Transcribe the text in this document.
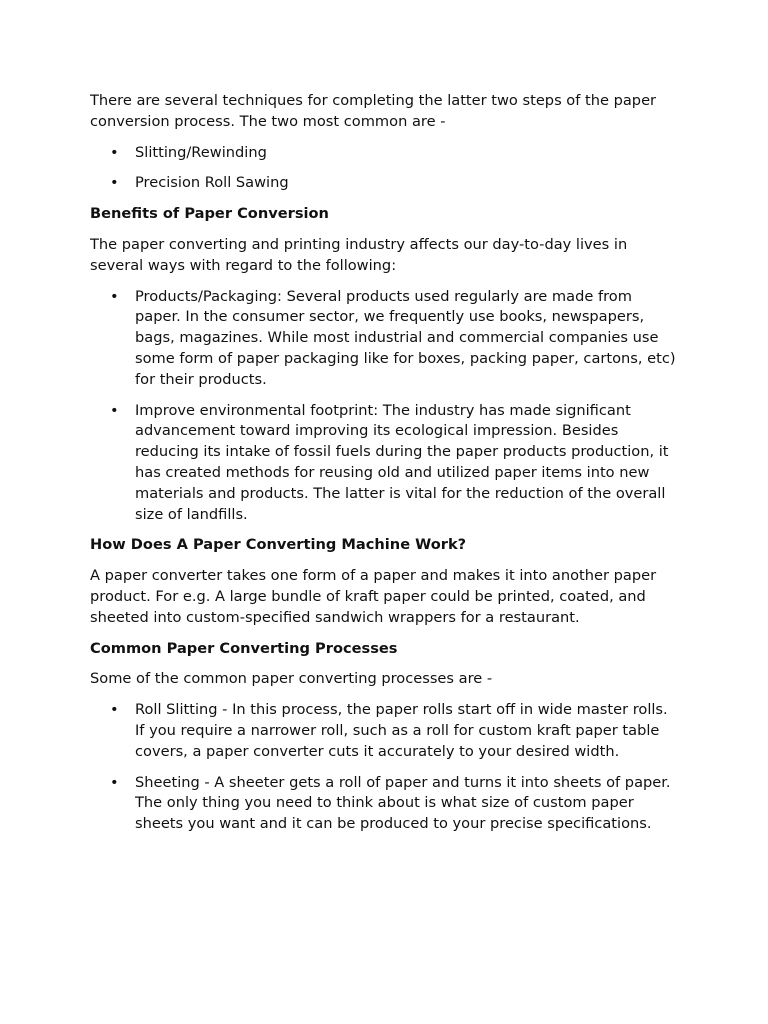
There are several techniques for completing the latter two steps of the paper conversion process. The two most common are -

• Slitting/Rewinding
• Precision Roll Sawing
Benefits of Paper Conversion

The paper converting and printing industry affects our day-to-day lives in several ways with regard to the following:

• Products/Packaging: Several products used regularly are made from paper. In the consumer sector, we frequently use books, newspapers, bags, magazines. While most industrial and commercial companies use some form of paper packaging like for boxes, packing paper, cartons, etc) for their products.
• Improve environmental footprint: The industry has made significant advancement toward improving its ecological impression. Besides reducing its intake of fossil fuels during the paper products production, it has created methods for reusing old and utilized paper items into new materials and products. The latter is vital for the reduction of the overall size of landfills.
How Does A Paper Converting Machine Work?

A paper converter takes one form of a paper and makes it into another paper product. For e.g. A large bundle of kraft paper could be printed, coated, and sheeted into custom-specified sandwich wrappers for a restaurant.

Common Paper Converting Processes

Some of the common paper converting processes are -

• Roll Slitting - In this process, the paper rolls start off in wide master rolls. If you require a narrower roll, such as a roll for custom kraft paper table covers, a paper converter cuts it accurately to your desired width.
• Sheeting - A sheeter gets a roll of paper and turns it into sheets of paper. The only thing you need to think about is what size of custom paper sheets you want and it can be produced to your precise specifications.
